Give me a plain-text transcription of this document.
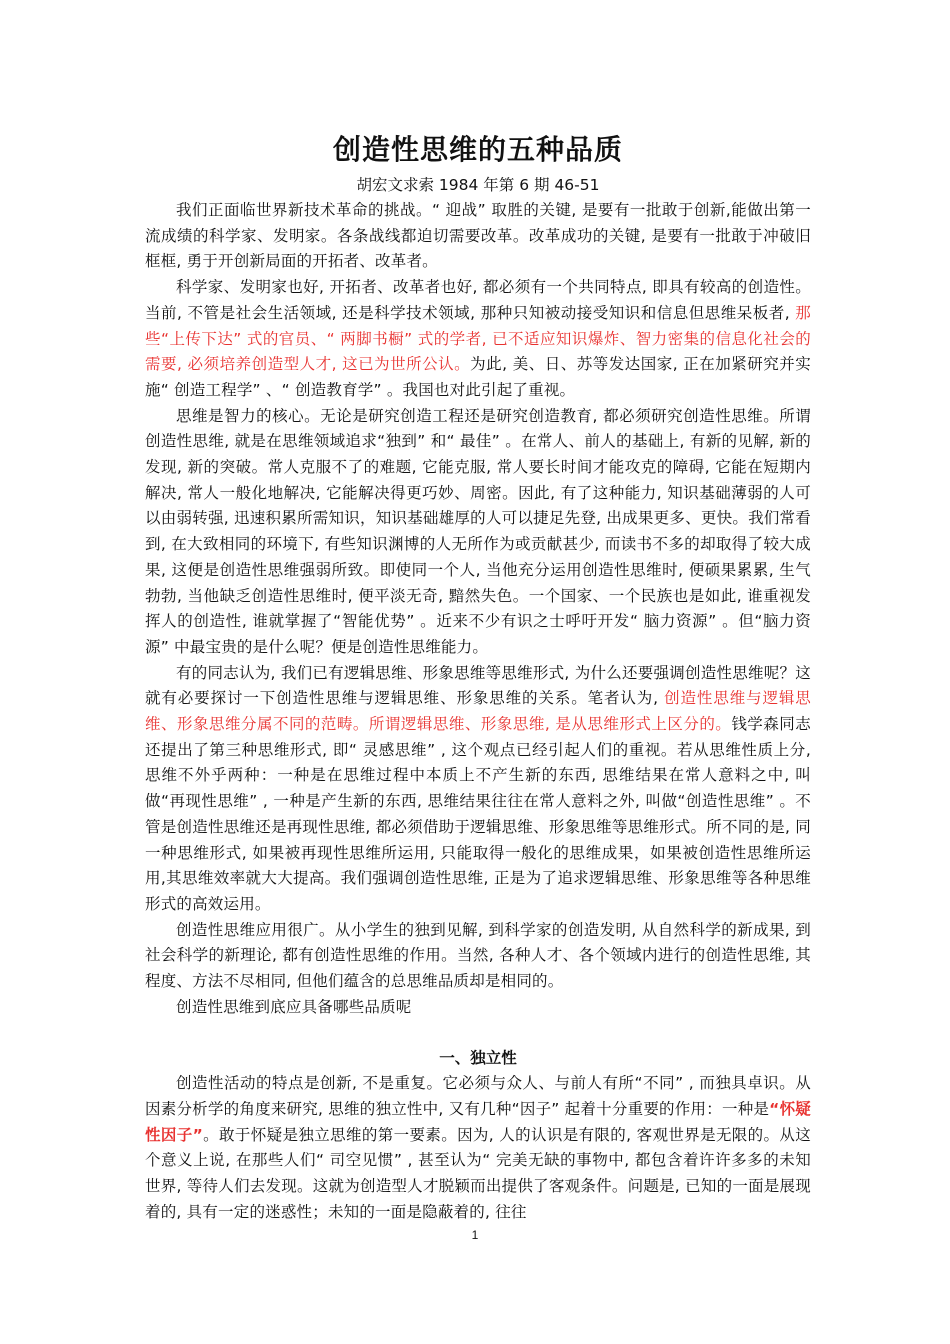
创造性思维的五种品质

胡宏文求索 1984 年第 6 期 46-51

我们正面临世界新技术革命的挑战。“ 迎战” 取胜的关键, 是要有一批敢于创新,能做出第一流成绩的科学家、发明家。各条战线都迫切需要改革。改革成功的关键, 是要有一批敢于冲破旧框框, 勇于开创新局面的开拓者、改革者。

科学家、发明家也好, 开拓者、改革者也好, 都必须有一个共同特点, 即具有较高的创造性。当前, 不管是社会生活领域, 还是科学技术领域, 那种只知被动接受知识和信息但思维呆板者, 那些“上传下达” 式的官员、“ 两脚书橱” 式的学者, 已不适应知识爆炸、智力密集的信息化社会的需要, 必须培养创造型人才, 这已为世所公认。为此, 美、日、苏等发达国家, 正在加紧研究并实施“ 创造工程学” 、“ 创造教育学” 。我国也对此引起了重视。

思维是智力的核心。无论是研究创造工程还是研究创造教育, 都必须研究创造性思维。所谓创造性思维, 就是在思维领域追求“独到” 和“ 最佳” 。在常人、前人的基础上, 有新的见解, 新的发现, 新的突破。常人克服不了的难题, 它能克服, 常人要长时间才能攻克的障碍, 它能在短期内解决, 常人一般化地解决, 它能解决得更巧妙、周密。因此, 有了这种能力, 知识基础薄弱的人可以由弱转强, 迅速积累所需知识，知识基础雄厚的人可以捷足先登, 出成果更多、更快。我们常看到, 在大致相同的环境下, 有些知识渊博的人无所作为或贡献甚少, 而读书不多的却取得了较大成果, 这便是创造性思维强弱所致。即使同一个人, 当他充分运用创造性思维时, 便硕果累累, 生气勃勃, 当他缺乏创造性思维时, 便平淡无奇, 黯然失色。一个国家、一个民族也是如此, 谁重视发挥人的创造性, 谁就掌握了“智能优势” 。近来不少有识之士呼吁开发“ 脑力资源” 。但“脑力资源” 中最宝贵的是什么呢？便是创造性思维能力。

有的同志认为, 我们已有逻辑思维、形象思维等思维形式, 为什么还要强调创造性思维呢？这就有必要探讨一下创造性思维与逻辑思维、形象思维的关系。笔者认为, 创造性思维与逻辑思维、形象思维分属不同的范畴。所谓逻辑思维、形象思维, 是从思维形式上区分的。钱学森同志还提出了第三种思维形式, 即“ 灵感思维” , 这个观点已经引起人们的重视。若从思维性质上分, 思维不外乎两种：一种是在思维过程中本质上不产生新的东西, 思维结果在常人意料之中, 叫做“再现性思维” , 一种是产生新的东西, 思维结果往往在常人意料之外, 叫做“创造性思维” 。不管是创造性思维还是再现性思维, 都必须借助于逻辑思维、形象思维等思维形式。所不同的是, 同一种思维形式, 如果被再现性思维所运用, 只能取得一般化的思维成果，如果被创造性思维所运用,其思维效率就大大提高。我们强调创造性思维, 正是为了追求逻辑思维、形象思维等各种思维形式的高效运用。

创造性思维应用很广。从小学生的独到见解, 到科学家的创造发明, 从自然科学的新成果, 到社会科学的新理论, 都有创造性思维的作用。当然, 各种人才、各个领域内进行的创造性思维, 其程度、方法不尽相同, 但他们蕴含的总思维品质却是相同的。

创造性思维到底应具备哪些品质呢

一、独立性

创造性活动的特点是创新, 不是重复。它必须与众人、与前人有所“不同” , 而独具卓识。从因素分析学的角度来研究, 思维的独立性中, 又有几种“因子” 起着十分重要的作用：一种是“怀疑性因子”。敢于怀疑是独立思维的第一要素。因为, 人的认识是有限的, 客观世界是无限的。从这个意义上说, 在那些人们“ 司空见惯” , 甚至认为“ 完美无缺的事物中, 都包含着许许多多的未知世界, 等待人们去发现。这就为创造型人才脱颖而出提供了客观条件。问题是, 已知的一面是展现着的, 具有一定的迷惑性；未知的一面是隐蔽着的, 往往

1
